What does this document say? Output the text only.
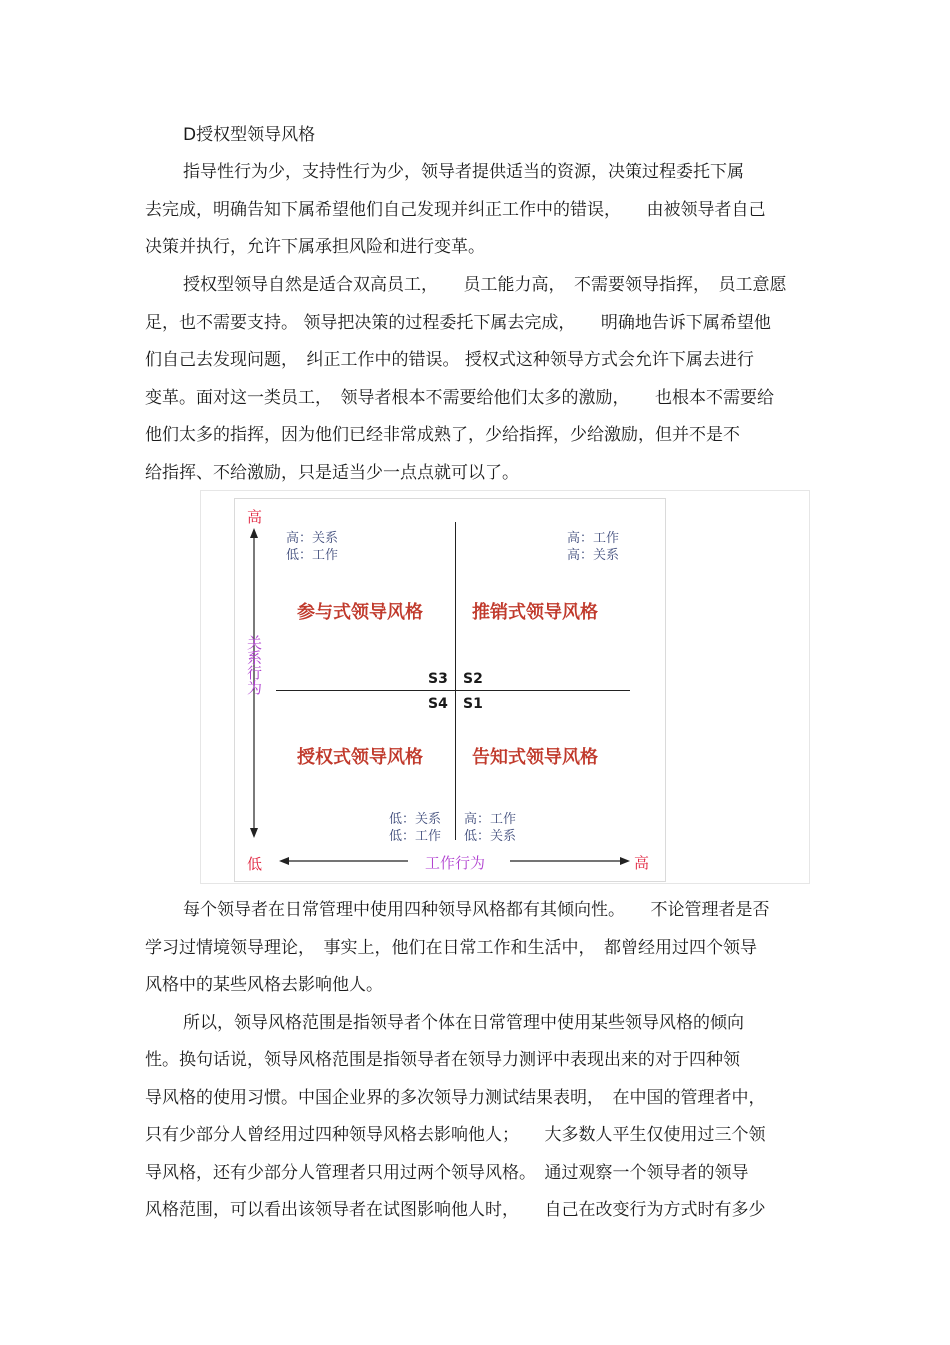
D授权型领导风格
指导性行为少，支持性行为少，领导者提供适当的资源，决策过程委托下属
去完成，明确告知下属希望他们自己发现并纠正工作中的错误，　　由被领导者自己
决策并执行，允许下属承担风险和进行变革。
授权型领导自然是适合双高员工，　　员工能力高，　不需要领导指挥，　员工意愿
足，也不需要支持。 领导把决策的过程委托下属去完成，　　明确地告诉下属希望他
们自己去发现问题，　纠正工作中的错误。 授权式这种领导方式会允许下属去进行
变革。面对这一类员工，　领导者根本不需要给他们太多的激励，　　也根本不需要给
他们太多的指挥，因为他们已经非常成熟了，少给指挥，少给激励，但并不是不
给指挥、不给激励，只是适当少一点点就可以了。
高
低	高
关系行为
工作行为
高：关系
低：工作
参与式领导风格
S3
高：工作
高：关系
推销式领导风格
S2
S4
授权式领导风格
低：关系
低：工作
S1
告知式领导风格
高：工作
低：关系
每个领导者在日常管理中使用四种领导风格都有其倾向性。　　不论管理者是否
学习过情境领导理论，　事实上，他们在日常工作和生活中，　都曾经用过四个领导
风格中的某些风格去影响他人。
所以，领导风格范围是指领导者个体在日常管理中使用某些领导风格的倾向
性。换句话说，领导风格范围是指领导者在领导力测评中表现出来的对于四种领
导风格的使用习惯。中国企业界的多次领导力测试结果表明，　在中国的管理者中，
只有少部分人曾经用过四种领导风格去影响他人；　　大多数人平生仅使用过三个领
导风格，还有少部分人管理者只用过两个领导风格。　通过观察一个领导者的领导
风格范围，可以看出该领导者在试图影响他人时，　　自己在改变行为方式时有多少
